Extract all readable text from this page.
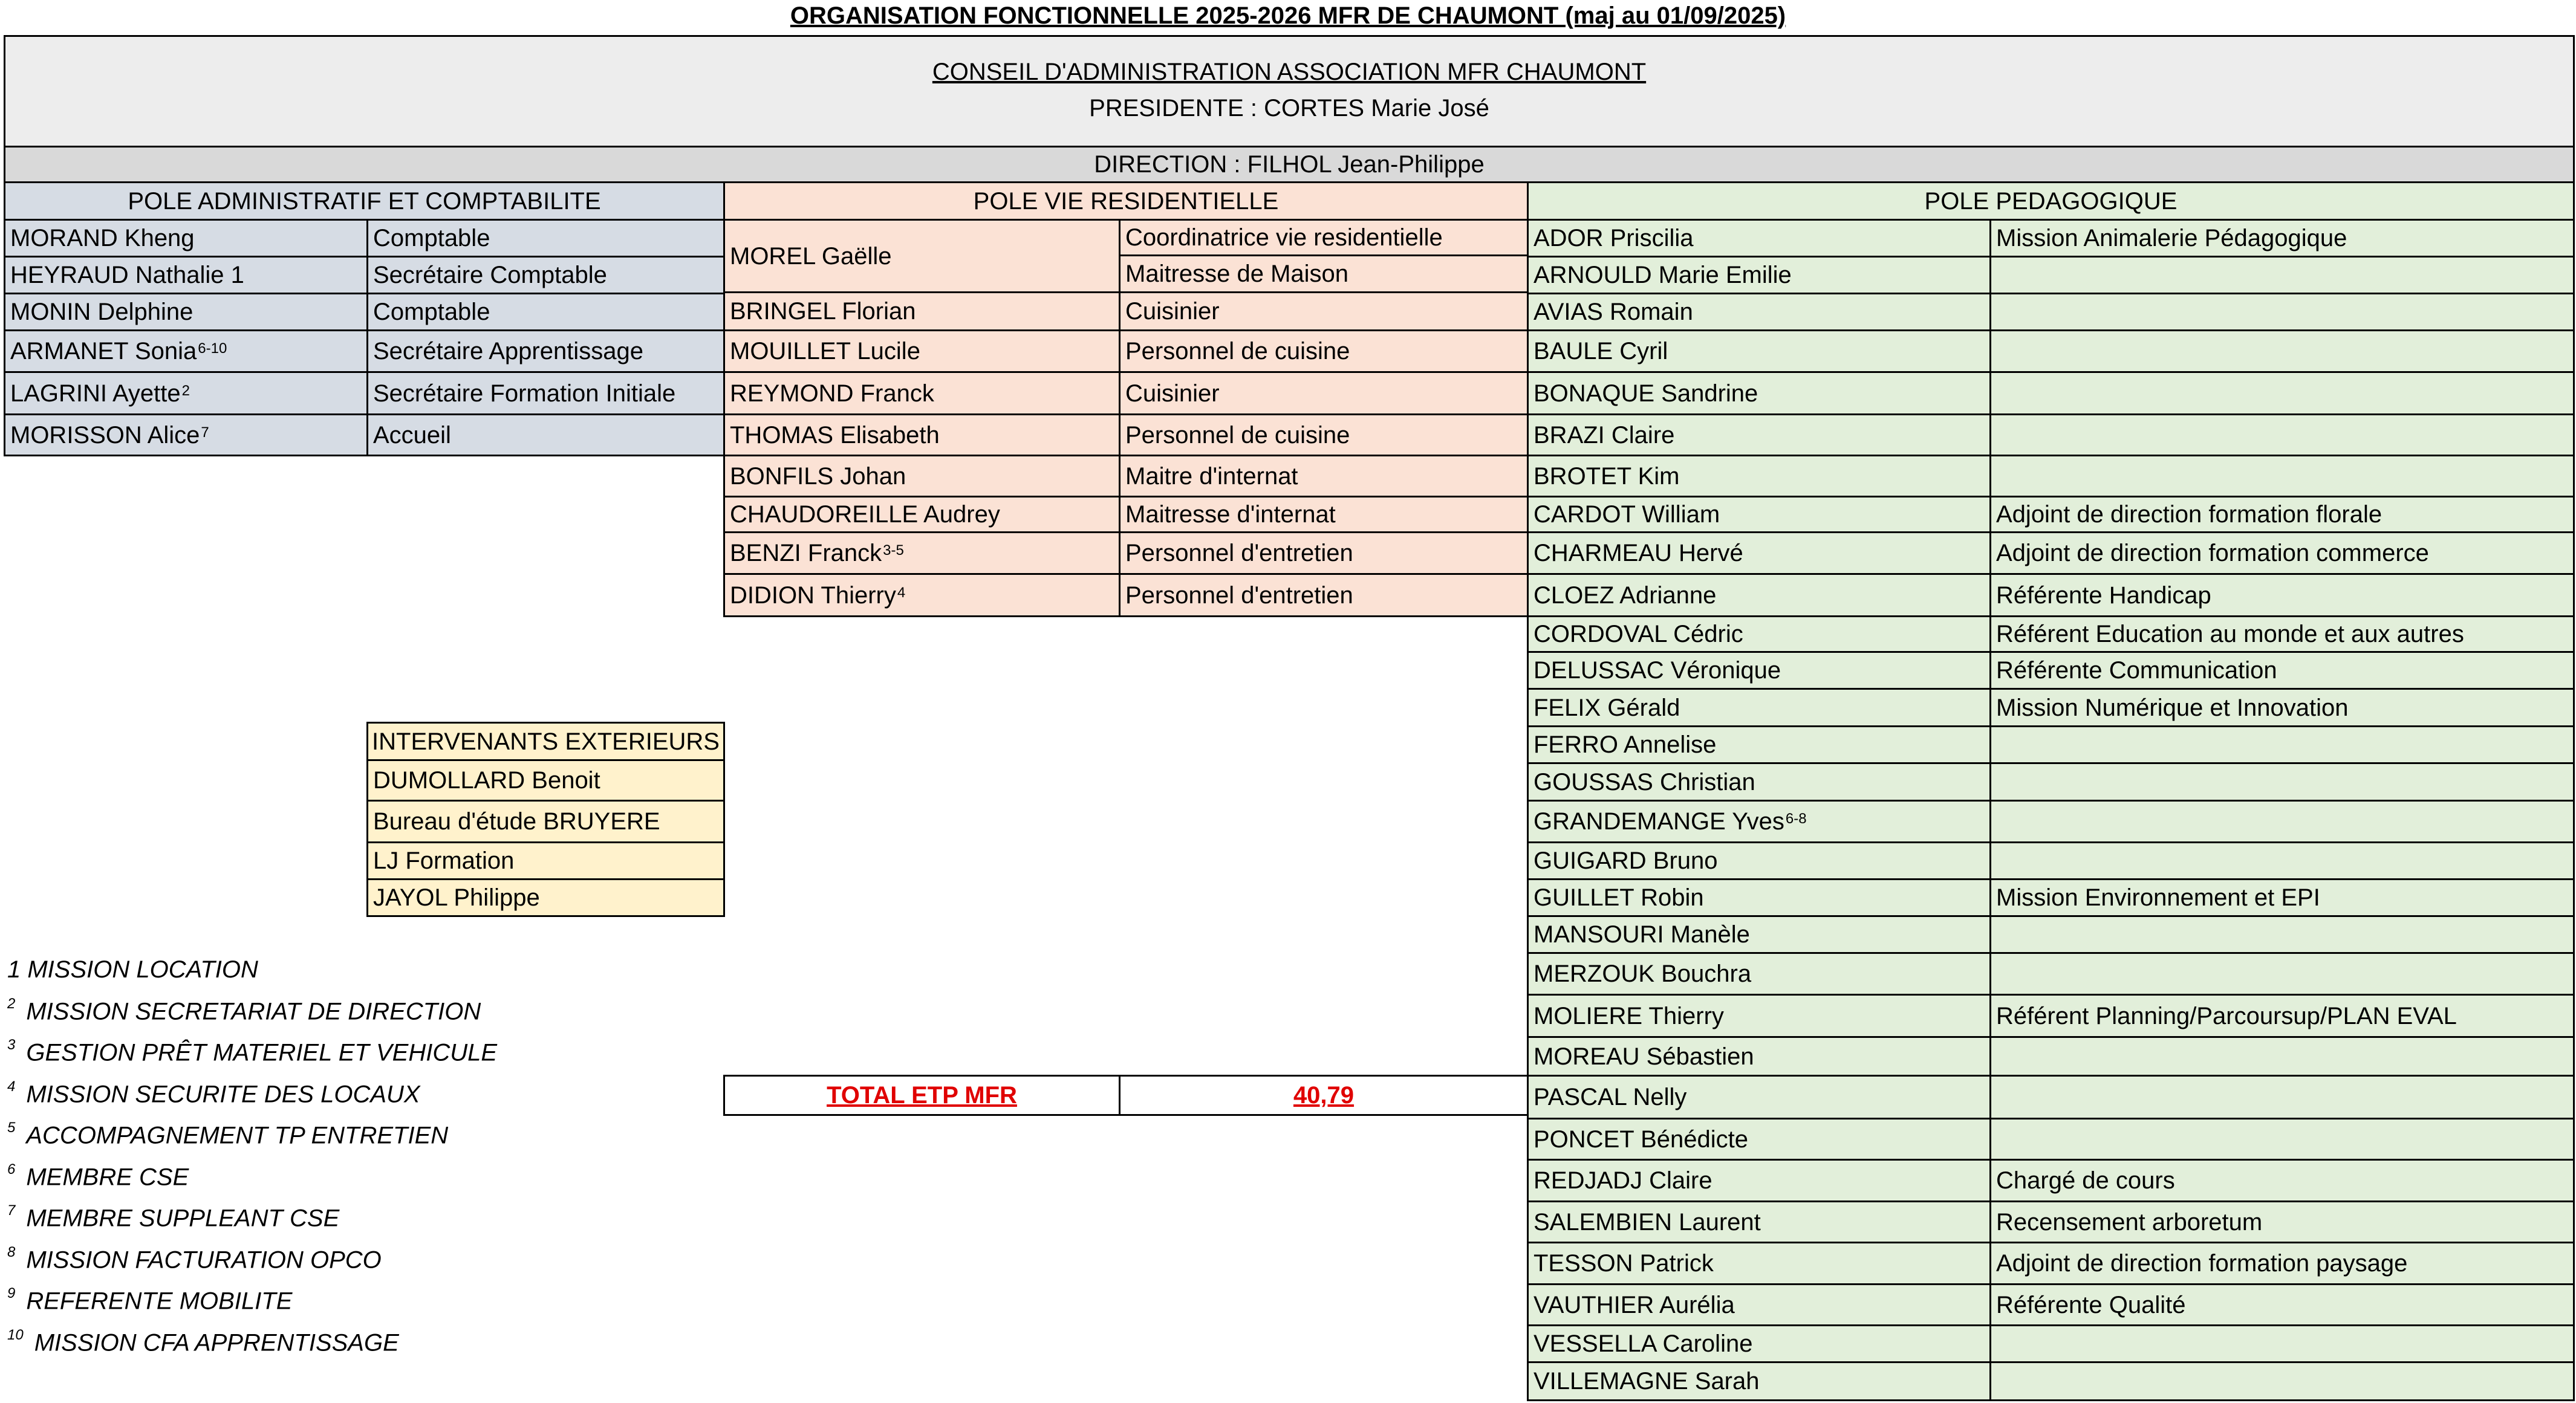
ORGANISATION FONCTIONNELLE 2025-2026 MFR DE CHAUMONT (maj au 01/09/2025)
CONSEIL D'ADMINISTRATION ASSOCIATION MFR CHAUMONT
PRESIDENTE : CORTES Marie José
DIRECTION : FILHOL Jean-Philippe
POLE ADMINISTRATIF ET COMPTABILITE	POLE VIE RESIDENTIELLE	POLE PEDAGOGIQUE
MORAND Kheng	Comptable
HEYRAUD Nathalie 1	Secrétaire Comptable
MONIN Delphine	Comptable
ARMANET Sonia$^{6-10}$	Secrétaire Apprentissage
LAGRINI Ayette$^2$	Secrétaire Formation Initiale
MORISSON Alice$^7$	Accueil
MOREL Gaëlle
Coordinatrice vie residentielle
Maitresse de Maison
BRINGEL Florian	Cuisinier
MOUILLET Lucile	Personnel de cuisine
REYMOND Franck	Cuisinier
THOMAS Elisabeth	Personnel de cuisine
BONFILS Johan	Maitre d'internat
CHAUDOREILLE Audrey	Maitresse d'internat
BENZI Franck$^{3-5}$	Personnel d'entretien
DIDION Thierry$^4$	Personnel d'entretien
ADOR Priscilia	Mission Animalerie Pédagogique
ARNOULD Marie Emilie
AVIAS Romain
BAULE Cyril
BONAQUE Sandrine
BRAZI Claire
BROTET Kim
CARDOT William	Adjoint de direction formation florale
CHARMEAU Hervé	Adjoint de direction formation commerce
CLOEZ Adrianne	Référente Handicap
CORDOVAL Cédric	Référent Education au monde et aux autres
DELUSSAC Véronique	Référente Communication
FELIX Gérald	Mission Numérique et Innovation
FERRO Annelise
GOUSSAS Christian
GRANDEMANGE Yves$^{6-8}$
GUIGARD Bruno
GUILLET Robin	Mission Environnement et EPI
MANSOURI Manèle
MERZOUK Bouchra
MOLIERE Thierry	Référent Planning/Parcoursup/PLAN EVAL
MOREAU Sébastien
PASCAL Nelly
PONCET Bénédicte
REDJADJ Claire	Chargé de cours
SALEMBIEN Laurent	Recensement arboretum
TESSON Patrick	Adjoint de direction formation paysage
VAUTHIER Aurélia	Référente Qualité
VESSELLA Caroline
VILLEMAGNE Sarah
INTERVENANTS EXTERIEURS
DUMOLLARD Benoit
Bureau d'étude BRUYERE
LJ Formation
JAYOL Philippe
1 MISSION LOCATION
$^2$ MISSION SECRETARIAT DE DIRECTION
$^3$ GESTION PRÊT MATERIEL ET VEHICULE
$^4$ MISSION SECURITE DES LOCAUX
$^5$ ACCOMPAGNEMENT TP ENTRETIEN
$^6$ MEMBRE CSE
$^7$ MEMBRE SUPPLEANT CSE
$^8$ MISSION FACTURATION OPCO
$^9$ REFERENTE MOBILITE
$^{10}$ MISSION CFA APPRENTISSAGE
TOTAL ETP MFR	40,79
